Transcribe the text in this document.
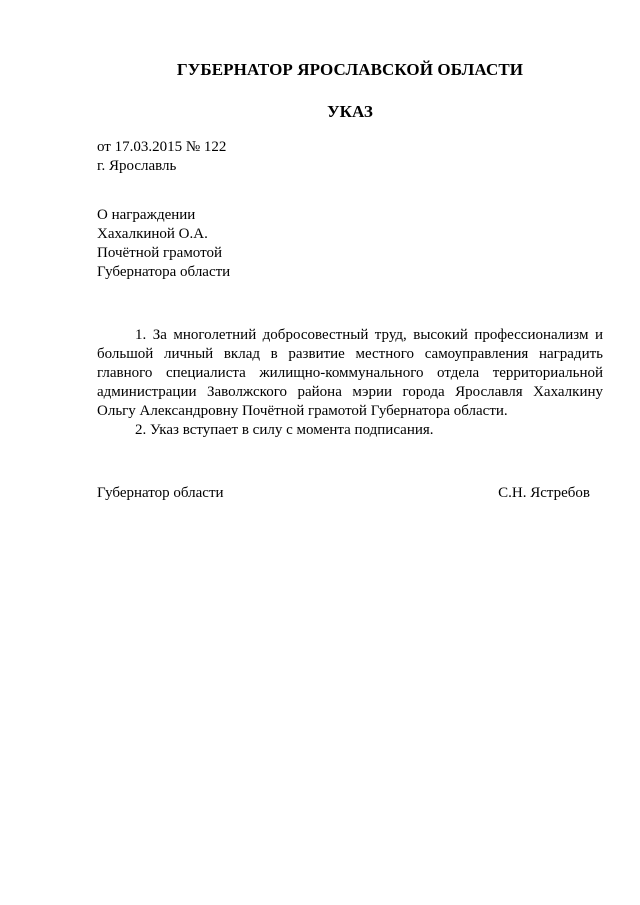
ГУБЕРНАТОР ЯРОСЛАВСКОЙ ОБЛАСТИ
УКАЗ
от 17.03.2015 № 122
г. Ярославль
О награждении
Хахалкиной О.А.
Почётной грамотой
Губернатора области

1. За многолетний добросовестный труд, высокий профессионализм и большой личный вклад в развитие местного самоуправления наградить главного специалиста жилищно-коммунального отдела территориальной администрации Заволжского района мэрии города Ярославля Хахалкину Ольгу Александровну Почётной грамотой Губернатора области.

2. Указ вступает в силу с момента подписания.

Губернатор области	С.Н. Ястребов
